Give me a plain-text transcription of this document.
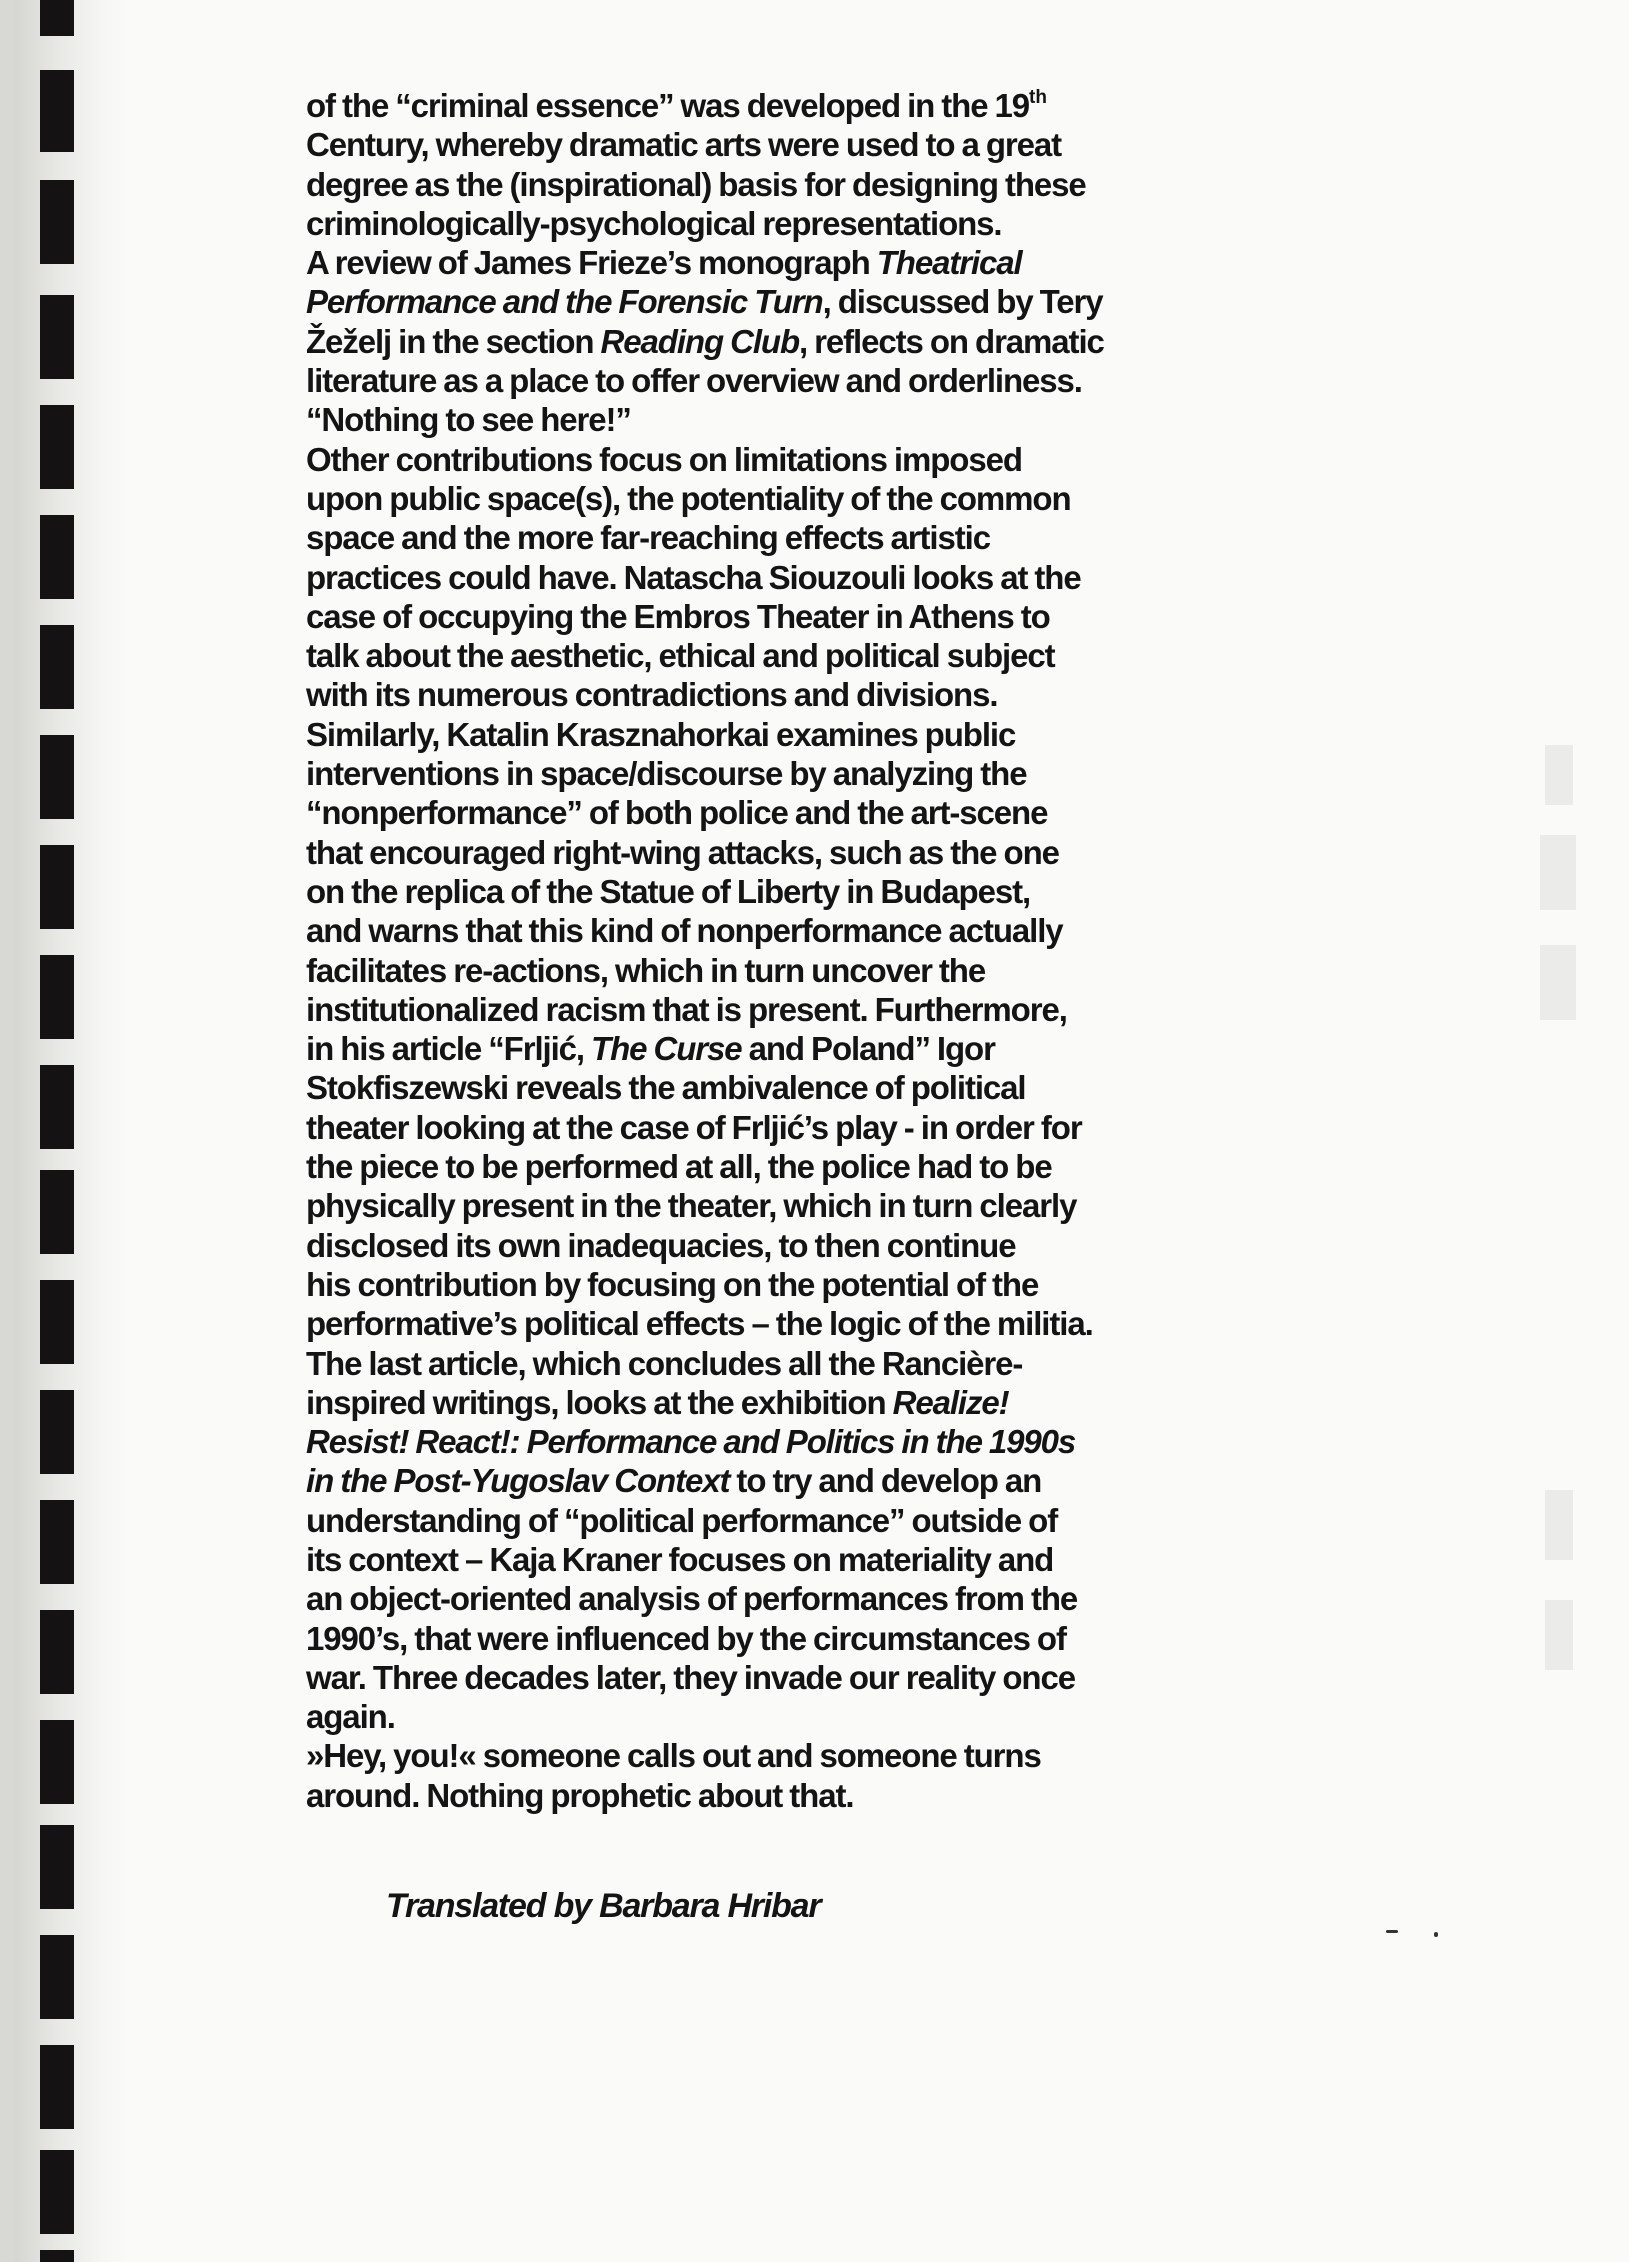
of the “criminal essence” was developed in the 19th
Century, whereby dramatic arts were used to a great
degree as the (inspirational) basis for designing these
criminologically-psychological representations.
A review of James Frieze’s monograph Theatrical
Performance and the Forensic Turn, discussed by Tery
Žeželj in the section Reading Club, reflects on dramatic
literature as a place to offer overview and orderliness.
“Nothing to see here!”
Other contributions focus on limitations imposed
upon public space(s), the potentiality of the common
space and the more far-reaching effects artistic
practices could have. Natascha Siouzouli looks at the
case of occupying the Embros Theater in Athens to
talk about the aesthetic, ethical and political subject
with its numerous contradictions and divisions.
Similarly, Katalin Krasznahorkai examines public
interventions in space/discourse by analyzing the
“nonperformance” of both police and the art-scene
that encouraged right-wing attacks, such as the one
on the replica of the Statue of Liberty in Budapest,
and warns that this kind of nonperformance actually
facilitates re-actions, which in turn uncover the
institutionalized racism that is present. Furthermore,
in his article “Frljić, The Curse and Poland” Igor
Stokfiszewski reveals the ambivalence of political
theater looking at the case of Frljić’s play - in order for
the piece to be performed at all, the police had to be
physically present in the theater, which in turn clearly
disclosed its own inadequacies, to then continue
his contribution by focusing on the potential of the
performative’s political effects – the logic of the militia.
The last article, which concludes all the Rancière-
inspired writings, looks at the exhibition Realize!
Resist! React!: Performance and Politics in the 1990s
in the Post-Yugoslav Context to try and develop an
understanding of “political performance” outside of
its context – Kaja Kraner focuses on materiality and
an object-oriented analysis of performances from the
1990’s, that were influenced by the circumstances of
war. Three decades later, they invade our reality once
again.
»Hey, you!« someone calls out and someone turns
around. Nothing prophetic about that.
Translated by Barbara Hribar
